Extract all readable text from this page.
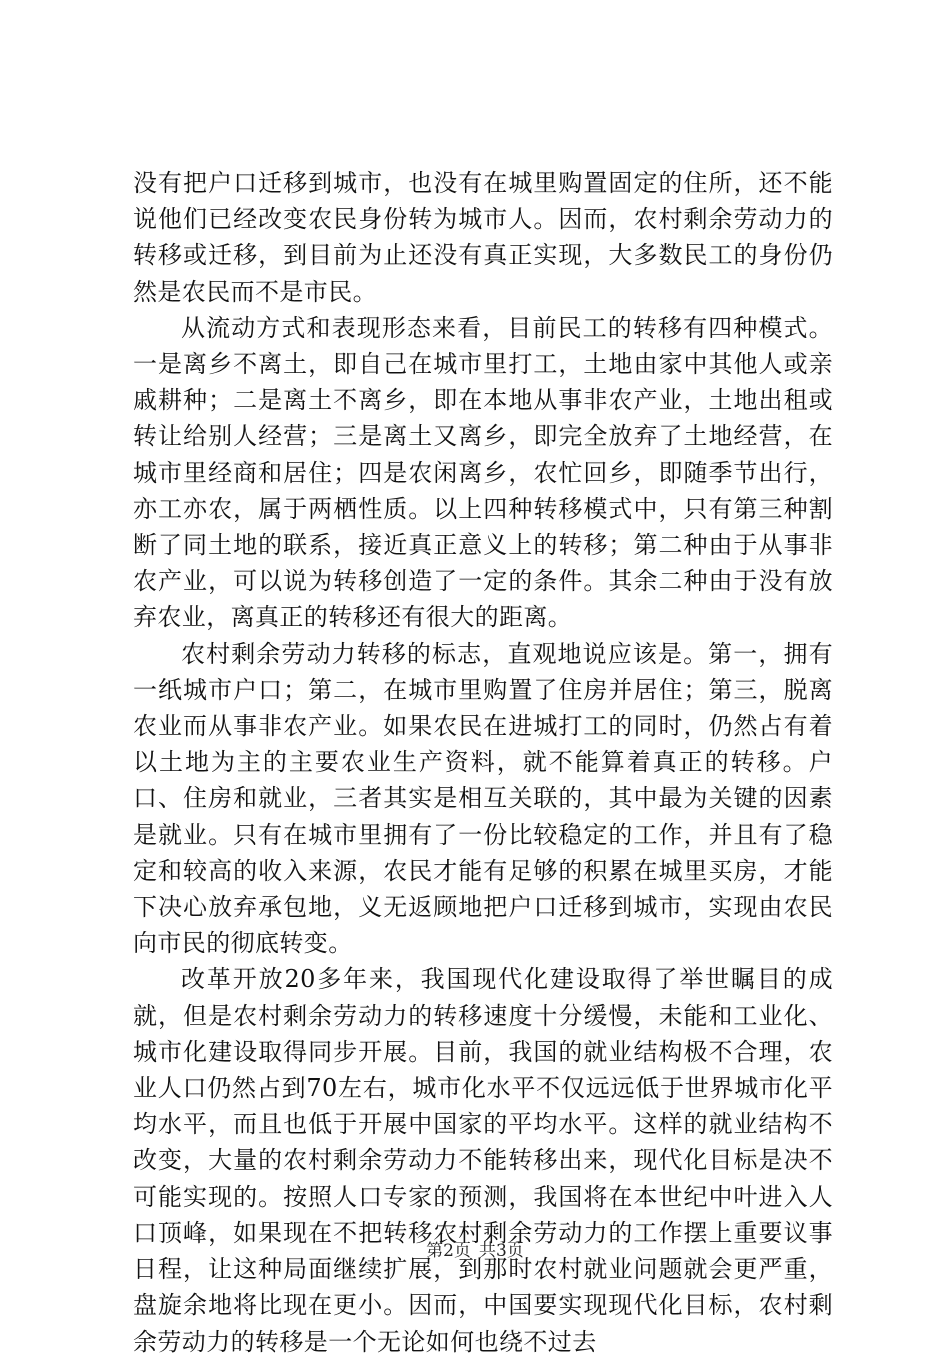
没有把户口迁移到城市，也没有在城里购置固定的住所，还不能说他们已经改变农民身份转为城市人。因而，农村剩余劳动力的转移或迁移，到目前为止还没有真正实现，大多数民工的身份仍然是农民而不是市民。

从流动方式和表现形态来看，目前民工的转移有四种模式。一是离乡不离土，即自己在城市里打工，土地由家中其他人或亲戚耕种；二是离土不离乡，即在本地从事非农产业，土地出租或转让给别人经营；三是离土又离乡，即完全放弃了土地经营，在城市里经商和居住；四是农闲离乡，农忙回乡，即随季节出行，亦工亦农，属于两栖性质。以上四种转移模式中，只有第三种割断了同土地的联系，接近真正意义上的转移；第二种由于从事非农产业，可以说为转移创造了一定的条件。其余二种由于没有放弃农业，离真正的转移还有很大的距离。

农村剩余劳动力转移的标志，直观地说应该是。第一，拥有一纸城市户口；第二，在城市里购置了住房并居住；第三，脱离农业而从事非农产业。如果农民在进城打工的同时，仍然占有着以土地为主的主要农业生产资料，就不能算着真正的转移。户口、住房和就业，三者其实是相互关联的，其中最为关键的因素是就业。只有在城市里拥有了一份比较稳定的工作，并且有了稳定和较高的收入来源，农民才能有足够的积累在城里买房，才能下决心放弃承包地，义无返顾地把户口迁移到城市，实现由农民向市民的彻底转变。

改革开放20多年来，我国现代化建设取得了举世瞩目的成就，但是农村剩余劳动力的转移速度十分缓慢，未能和工业化、城市化建设取得同步开展。目前，我国的就业结构极不合理，农业人口仍然占到70左右，城市化水平不仅远远低于世界城市化平均水平，而且也低于开展中国家的平均水平。这样的就业结构不改变，大量的农村剩余劳动力不能转移出来，现代化目标是决不可能实现的。按照人口专家的预测，我国将在本世纪中叶进入人口顶峰，如果现在不把转移农村剩余劳动力的工作摆上重要议事日程，让这种局面继续扩展，到那时农村就业问题就会更严重，盘旋余地将比现在更小。因而，中国要实现现代化目标，农村剩余劳动力的转移是一个无论如何也绕不过去

第2页 共3页
